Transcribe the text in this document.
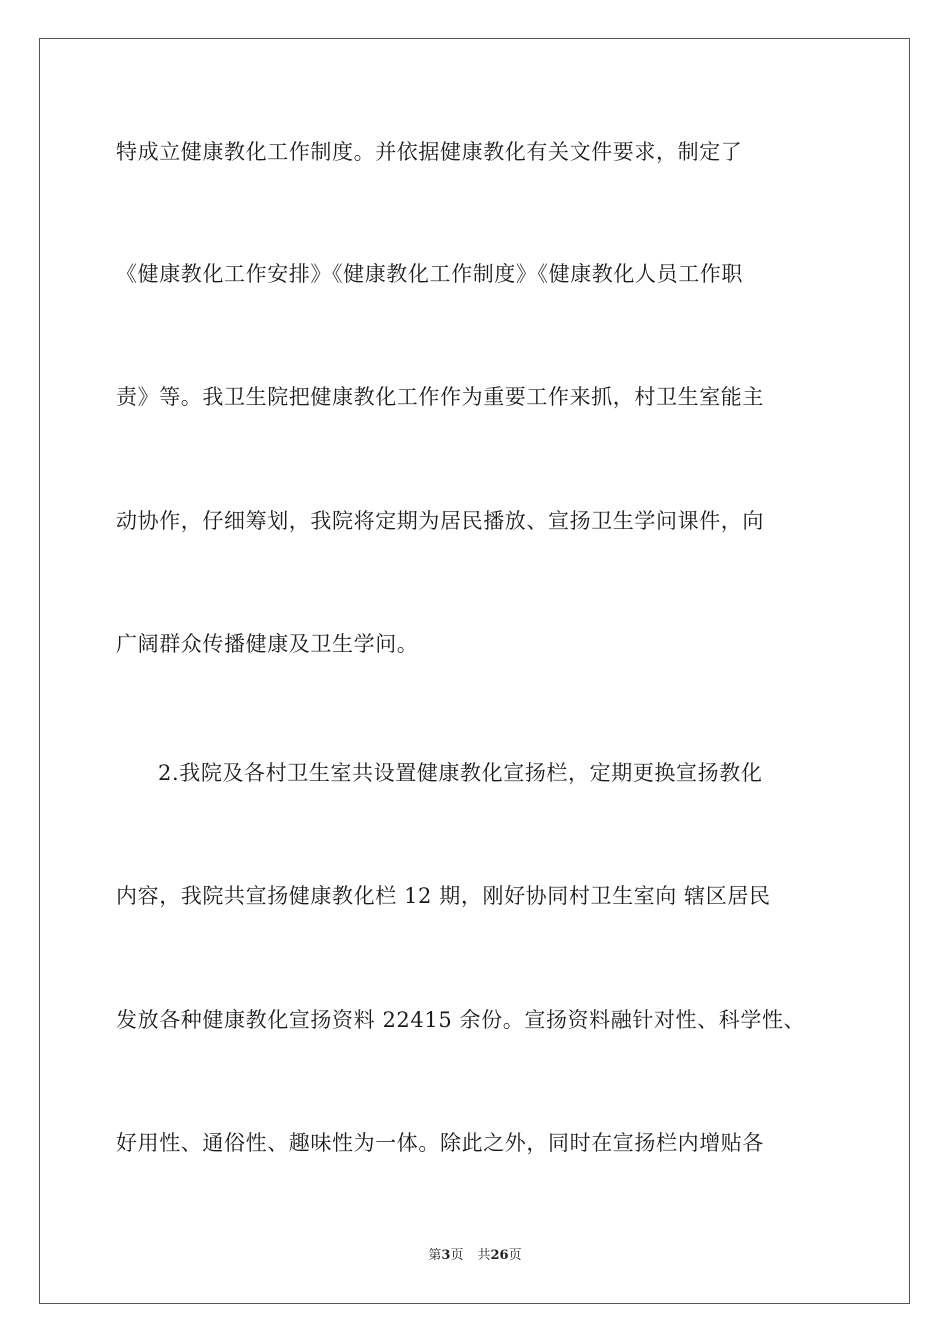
特成立健康教化工作制度。并依据健康教化有关文件要求，制定了
《健康教化工作安排》《健康教化工作制度》《健康教化人员工作职
责》等。我卫生院把健康教化工作作为重要工作来抓，村卫生室能主
动协作，仔细筹划，我院将定期为居民播放、宣扬卫生学问课件，向
广阔群众传播健康及卫生学问。
2.我院及各村卫生室共设置健康教化宣扬栏，定期更换宣扬教化
内容，我院共宣扬健康教化栏 12 期，刚好协同村卫生室向 辖区居民
发放各种健康教化宣扬资料 22415 余份。宣扬资料融针对性、科学性、
好用性、通俗性、趣味性为一体。除此之外，同时在宣扬栏内增贴各
第3页 共26页
